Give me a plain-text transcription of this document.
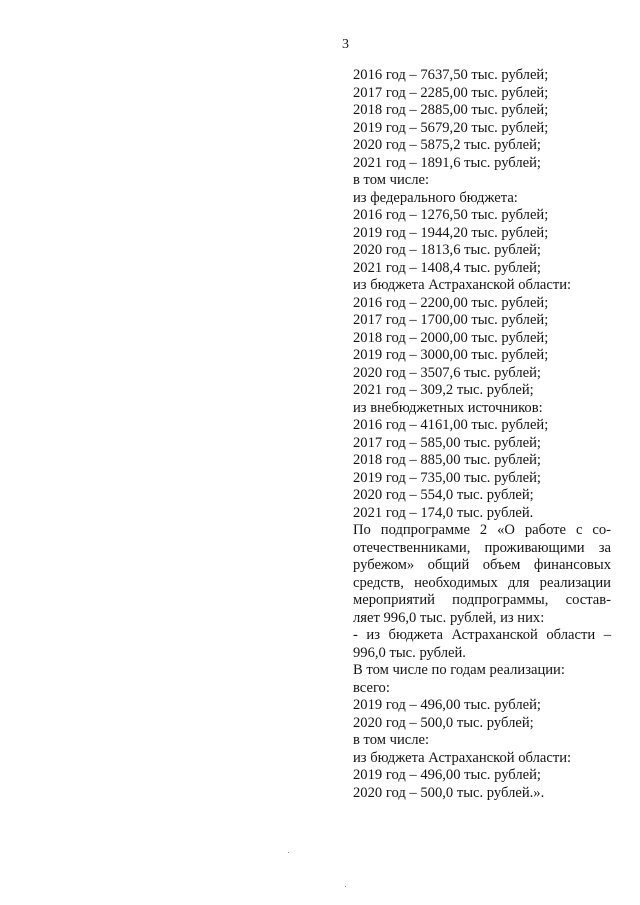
3
2016 год – 7637,50 тыс. рублей;
2017 год – 2285,00 тыс. рублей;
2018 год – 2885,00 тыс. рублей;
2019 год – 5679,20 тыс. рублей;
2020 год – 5875,2 тыс. рублей;
2021 год – 1891,6 тыс. рублей;
в том числе:
из федерального бюджета:
2016 год – 1276,50 тыс. рублей;
2019 год – 1944,20 тыс. рублей;
2020 год – 1813,6 тыс. рублей;
2021 год – 1408,4 тыс. рублей;
из бюджета Астраханской области:
2016 год – 2200,00 тыс. рублей;
2017 год – 1700,00 тыс. рублей;
2018 год – 2000,00 тыс. рублей;
2019 год – 3000,00 тыс. рублей;
2020 год – 3507,6 тыс. рублей;
2021 год – 309,2 тыс. рублей;
из внебюджетных источников:
2016 год – 4161,00 тыс. рублей;
2017 год – 585,00 тыс. рублей;
2018 год – 885,00 тыс. рублей;
2019 год – 735,00 тыс. рублей;
2020 год – 554,0 тыс. рублей;
2021 год – 174,0 тыс. рублей.
По подпрограмме 2 «О работе с со-
отечественниками, проживающими за
рубежом» общий объем финансовых
средств, необходимых для реализации
мероприятий подпрограммы, состав-
ляет 996,0 тыс. рублей, из них:
- из бюджета Астраханской области –
996,0 тыс. рублей.
В том числе по годам реализации:
всего:
2019 год – 496,00 тыс. рублей;
2020 год – 500,0 тыс. рублей;
в том числе:
из бюджета Астраханской области:
2019 год – 496,00 тыс. рублей;
2020 год – 500,0 тыс. рублей.».
